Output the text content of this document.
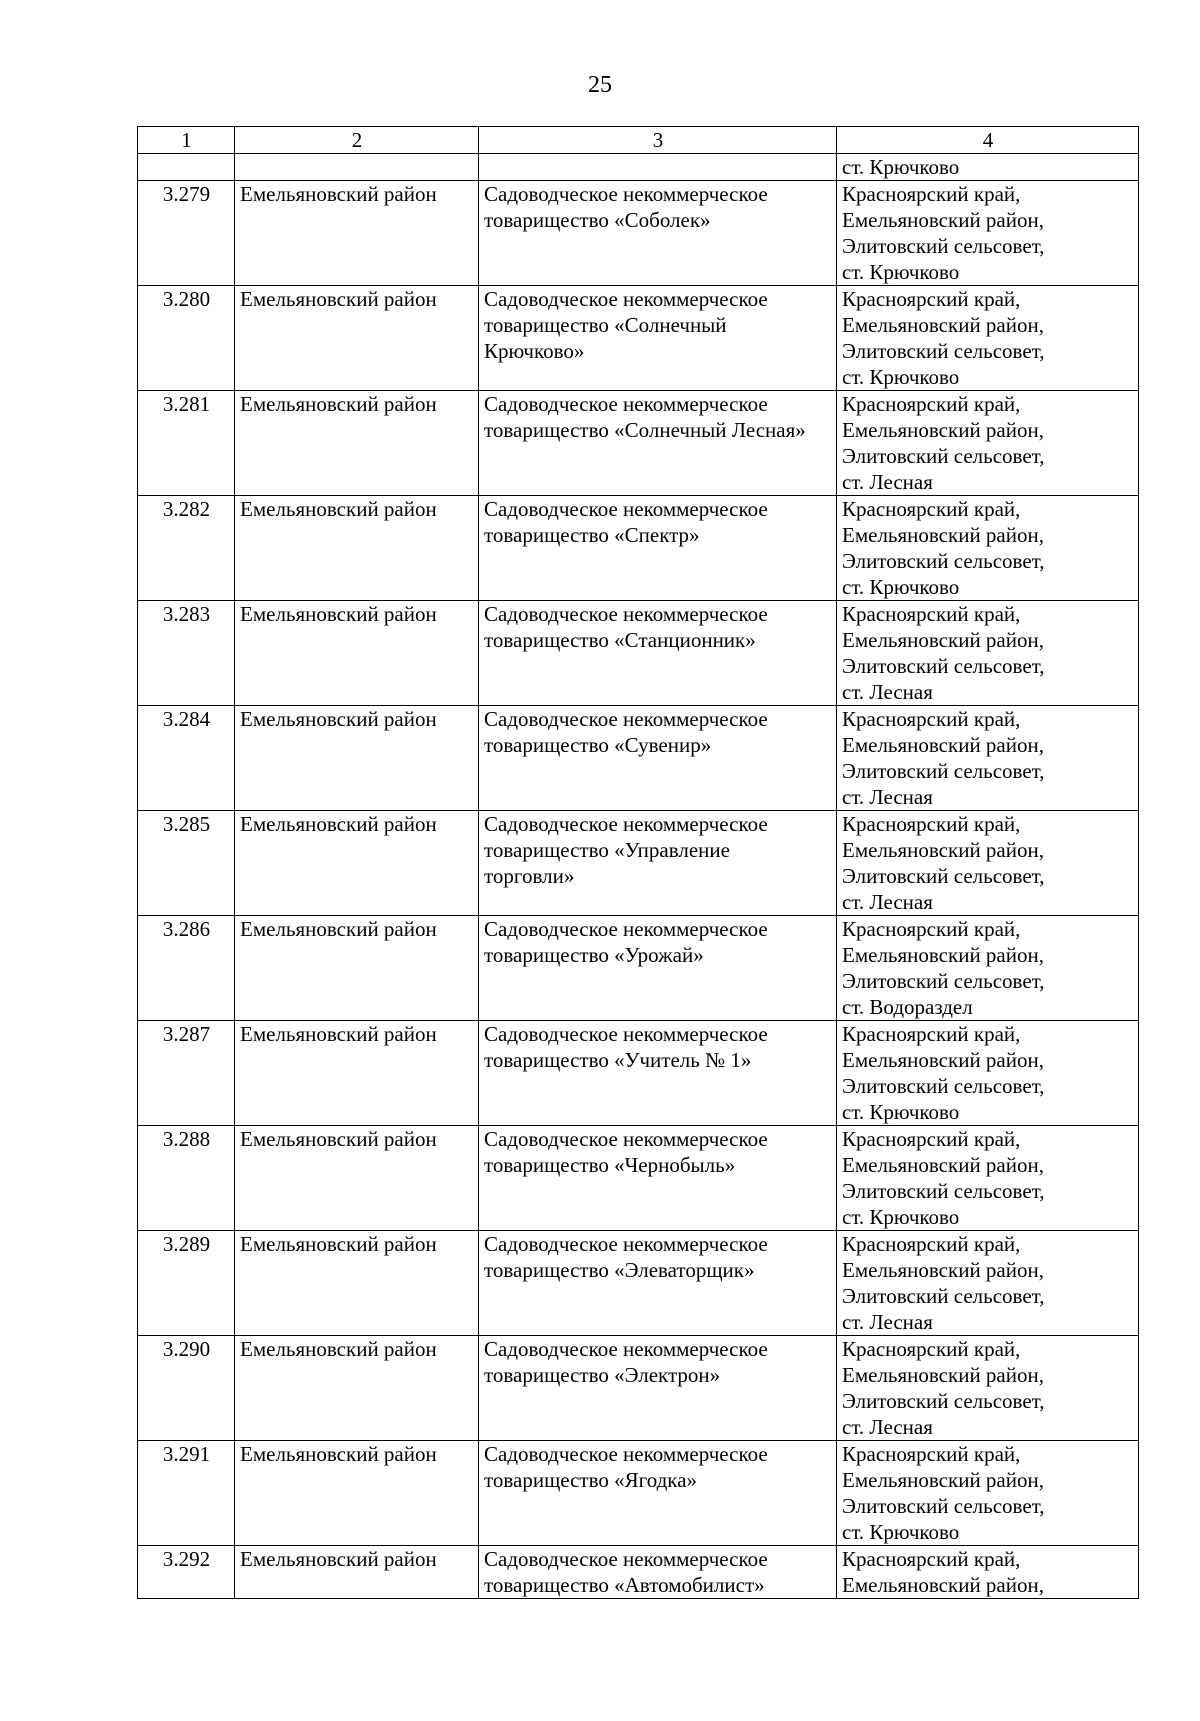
25
1	2	3	4
			ст. Крючково
3.279	Емельяновский район	Садоводческое некоммерческое
товарищество «Соболек»	Красноярский край,
Емельяновский район,
Элитовский сельсовет,
ст. Крючково
3.280	Емельяновский район	Садоводческое некоммерческое
товарищество «Солнечный
Крючково»	Красноярский край,
Емельяновский район,
Элитовский сельсовет,
ст. Крючково
3.281	Емельяновский район	Садоводческое некоммерческое
товарищество «Солнечный Лесная»	Красноярский край,
Емельяновский район,
Элитовский сельсовет,
ст. Лесная
3.282	Емельяновский район	Садоводческое некоммерческое
товарищество «Спектр»	Красноярский край,
Емельяновский район,
Элитовский сельсовет,
ст. Крючково
3.283	Емельяновский район	Садоводческое некоммерческое
товарищество «Станционник»	Красноярский край,
Емельяновский район,
Элитовский сельсовет,
ст. Лесная
3.284	Емельяновский район	Садоводческое некоммерческое
товарищество «Сувенир»	Красноярский край,
Емельяновский район,
Элитовский сельсовет,
ст. Лесная
3.285	Емельяновский район	Садоводческое некоммерческое
товарищество «Управление
торговли»	Красноярский край,
Емельяновский район,
Элитовский сельсовет,
ст. Лесная
3.286	Емельяновский район	Садоводческое некоммерческое
товарищество «Урожай»	Красноярский край,
Емельяновский район,
Элитовский сельсовет,
ст. Водораздел
3.287	Емельяновский район	Садоводческое некоммерческое
товарищество «Учитель № 1»	Красноярский край,
Емельяновский район,
Элитовский сельсовет,
ст. Крючково
3.288	Емельяновский район	Садоводческое некоммерческое
товарищество «Чернобыль»	Красноярский край,
Емельяновский район,
Элитовский сельсовет,
ст. Крючково
3.289	Емельяновский район	Садоводческое некоммерческое
товарищество «Элеваторщик»	Красноярский край,
Емельяновский район,
Элитовский сельсовет,
ст. Лесная
3.290	Емельяновский район	Садоводческое некоммерческое
товарищество «Электрон»	Красноярский край,
Емельяновский район,
Элитовский сельсовет,
ст. Лесная
3.291	Емельяновский район	Садоводческое некоммерческое
товарищество «Ягодка»	Красноярский край,
Емельяновский район,
Элитовский сельсовет,
ст. Крючково
3.292	Емельяновский район	Садоводческое некоммерческое
товарищество «Автомобилист»	Красноярский край,
Емельяновский район,
